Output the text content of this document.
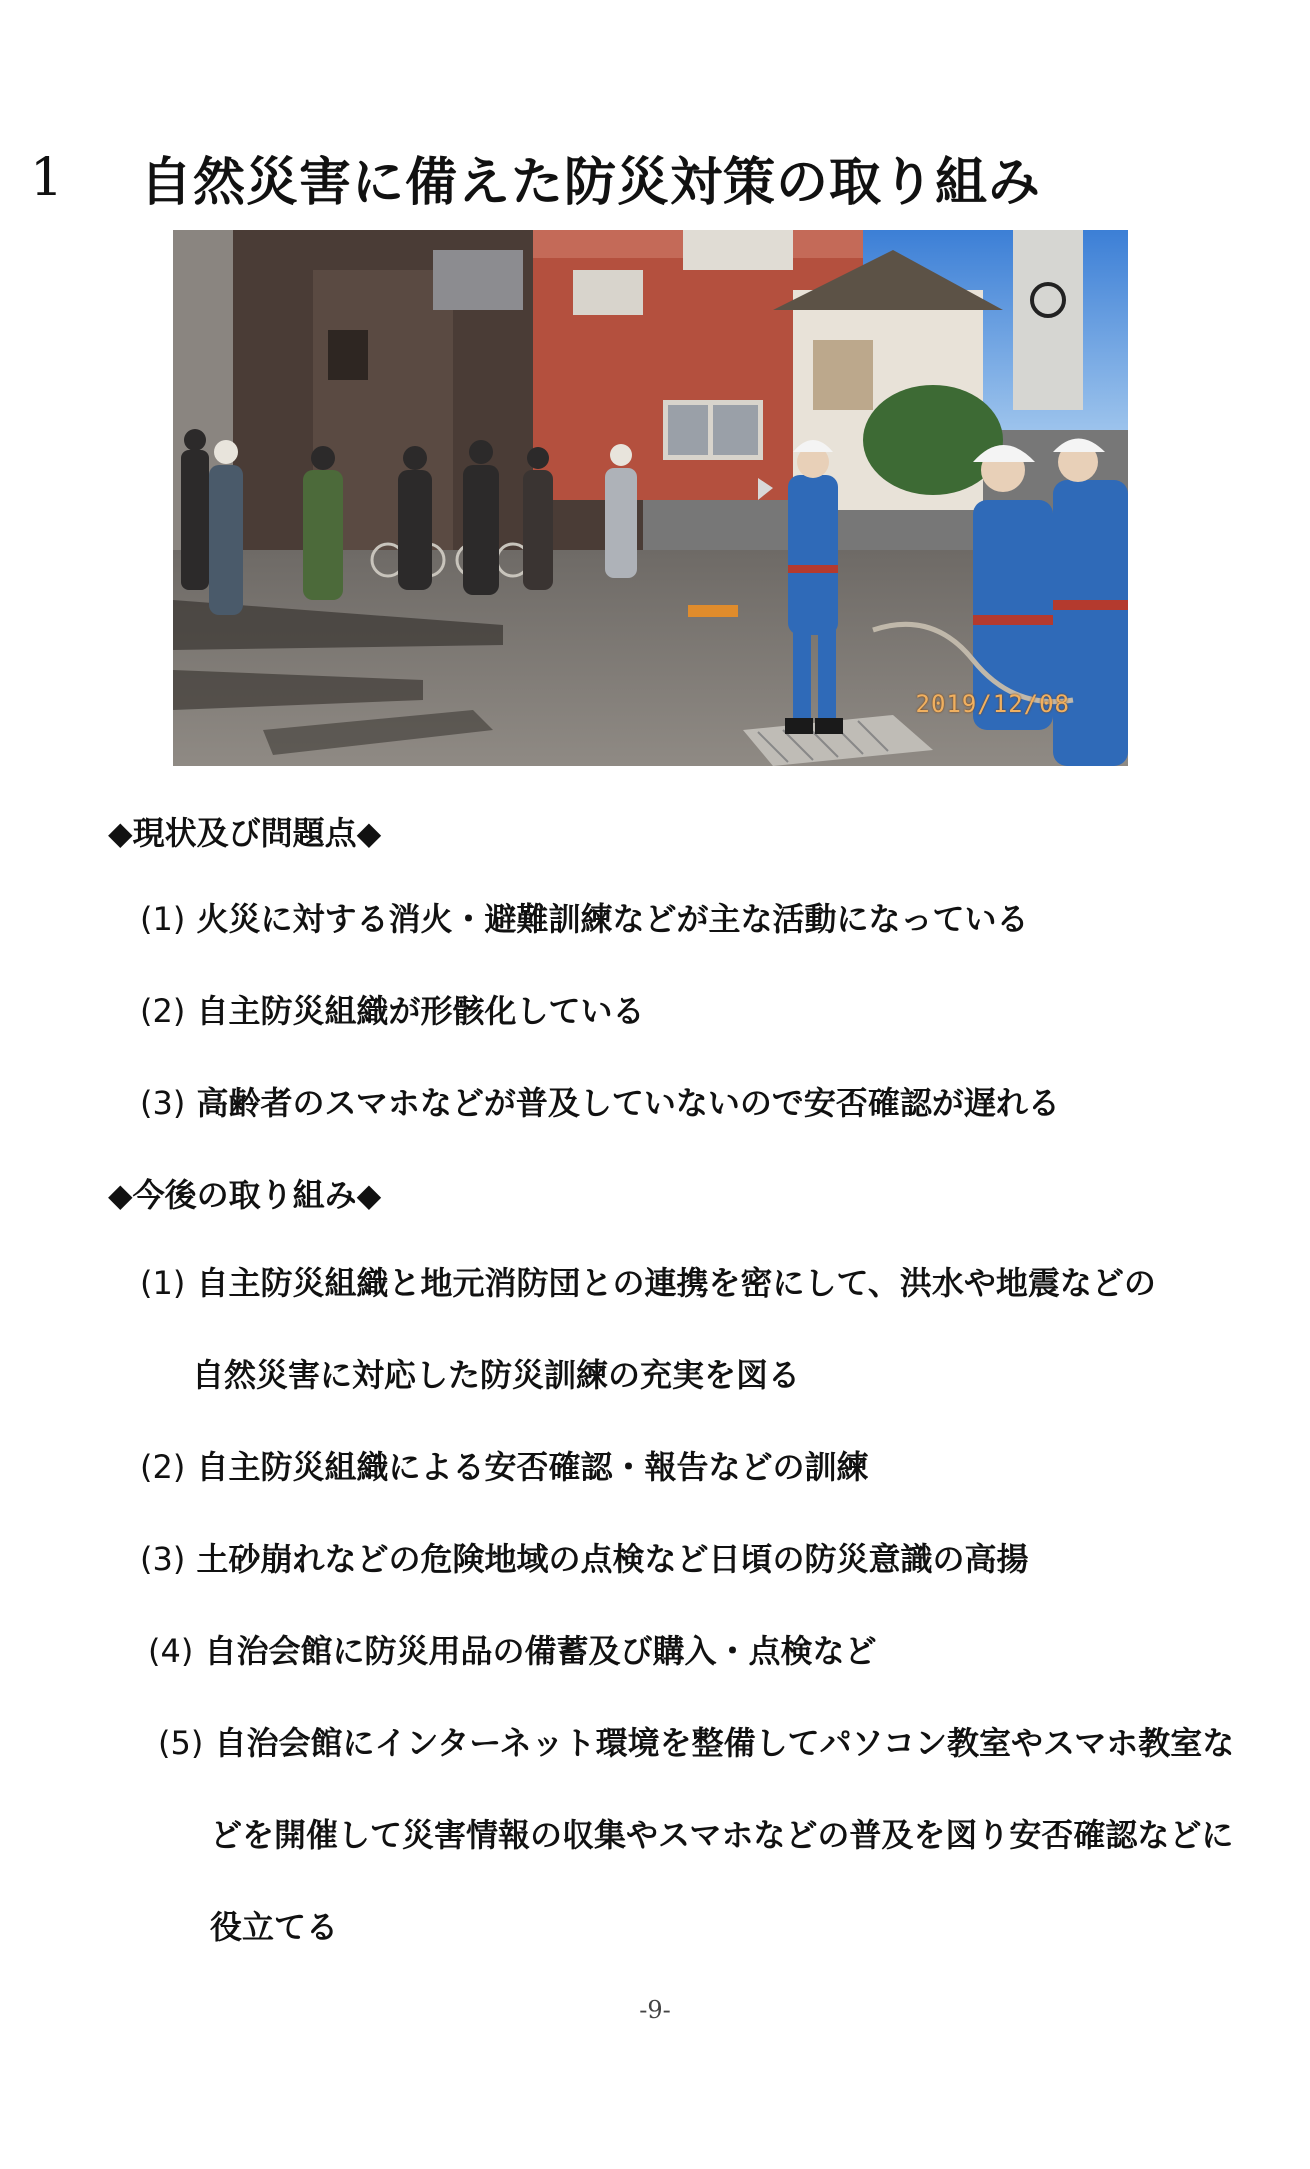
1	自然災害に備えた防災対策の取り組み
2019/12/08
◆現状及び問題点◆
(1) 火災に対する消火・避難訓練などが主な活動になっている
(2) 自主防災組織が形骸化している
(3) 高齢者のスマホなどが普及していないので安否確認が遅れる
◆今後の取り組み◆
(1) 自主防災組織と地元消防団との連携を密にして、洪水や地震などの
自然災害に対応した防災訓練の充実を図る
(2) 自主防災組織による安否確認・報告などの訓練
(3) 土砂崩れなどの危険地域の点検など日頃の防災意識の高揚
(4) 自治会館に防災用品の備蓄及び購入・点検など
(5) 自治会館にインターネット環境を整備してパソコン教室やスマホ教室な
どを開催して災害情報の収集やスマホなどの普及を図り安否確認などに
役立てる
-9-
